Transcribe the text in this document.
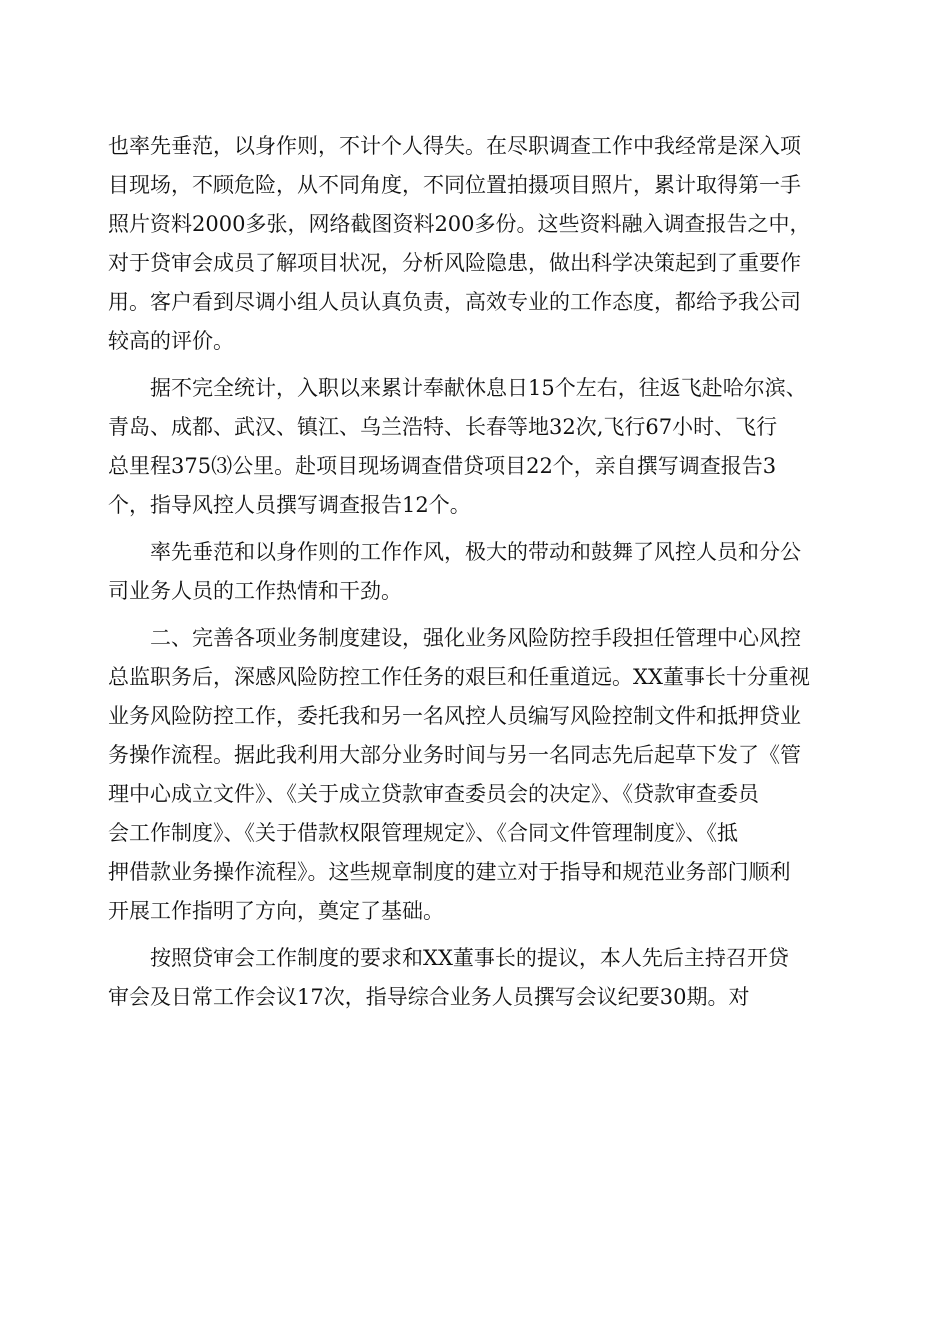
也率先垂范，以身作则，不计个人得失。在尽职调查工作中我经常是深入项
目现场，不顾危险，从不同角度，不同位置拍摄项目照片，累计取得第一手
照片资料2000多张，网络截图资料200多份。这些资料融入调查报告之中，
对于贷审会成员了解项目状况，分析风险隐患，做出科学决策起到了重要作
用。客户看到尽调小组人员认真负责，高效专业的工作态度，都给予我公司
较高的评价。
据不完全统计，入职以来累计奉献休息日15个左右，往返飞赴哈尔滨、
青岛、成都、武汉、镇江、乌兰浩特、长春等地32次,飞行67小时、飞行
总里程375⑶公里。赴项目现场调查借贷项目22个，亲自撰写调查报告3
个，指导风控人员撰写调查报告12个。
率先垂范和以身作则的工作作风，极大的带动和鼓舞了风控人员和分公
司业务人员的工作热情和干劲。
二、完善各项业务制度建设，强化业务风险防控手段担任管理中心风控
总监职务后，深感风险防控工作任务的艰巨和任重道远。XX董事长十分重视
业务风险防控工作，委托我和另一名风控人员编写风险控制文件和抵押贷业
务操作流程。据此我利用大部分业务时间与另一名同志先后起草下发了《管
理中心成立文件》、《关于成立贷款审查委员会的决定》、《贷款审查委员
会工作制度》、《关于借款权限管理规定》、《合同文件管理制度》、《抵
押借款业务操作流程》。这些规章制度的建立对于指导和规范业务部门顺利
开展工作指明了方向，奠定了基础。
按照贷审会工作制度的要求和XX董事长的提议，本人先后主持召开贷
审会及日常工作会议17次，指导综合业务人员撰写会议纪要30期。对
